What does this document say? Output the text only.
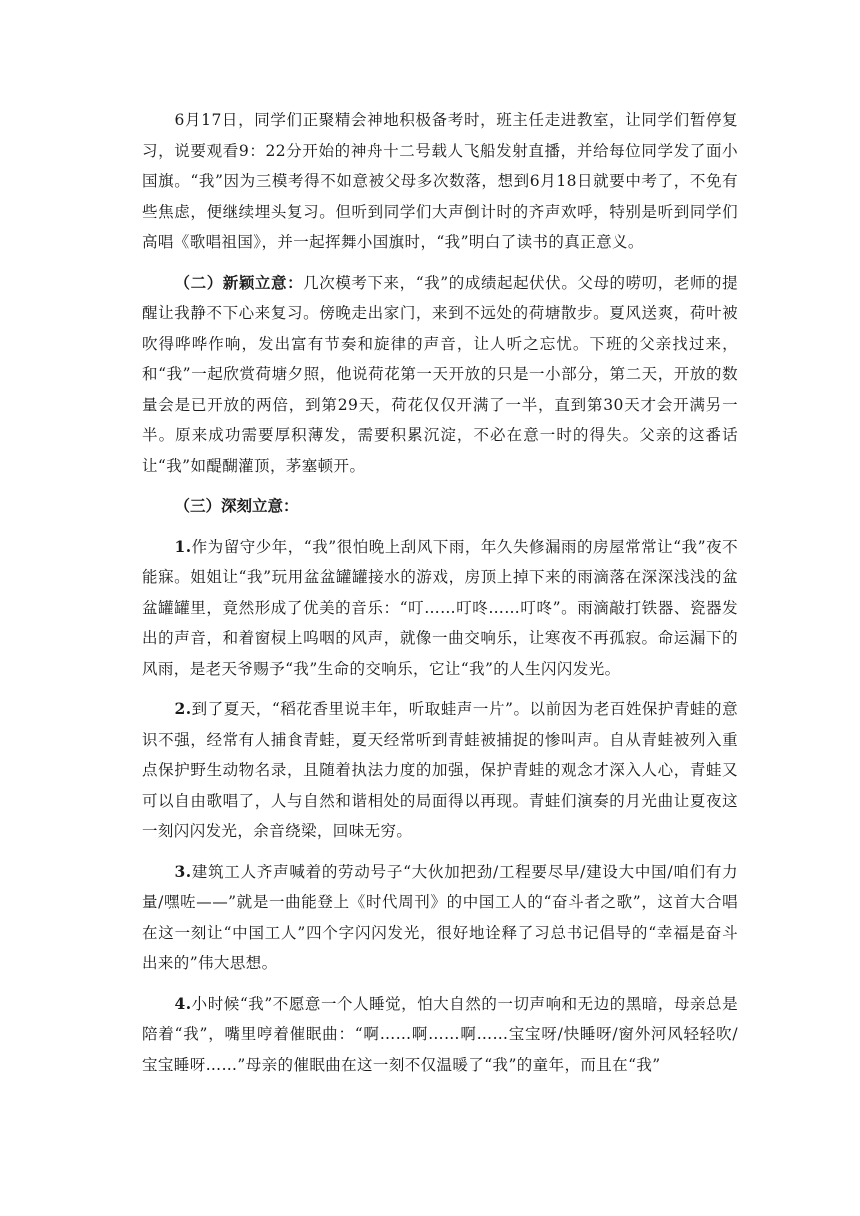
6月17日，同学们正聚精会神地积极备考时，班主任走进教室，让同学们暂停复习，说要观看9：22分开始的神舟十二号载人飞船发射直播，并给每位同学发了面小国旗。“我”因为三模考得不如意被父母多次数落，想到6月18日就要中考了，不免有些焦虑，便继续埋头复习。但听到同学们大声倒计时的齐声欢呼，特别是听到同学们高唱《歌唱祖国》，并一起挥舞小国旗时，“我”明白了读书的真正意义。

（二）新颖立意：几次模考下来，“我”的成绩起起伏伏。父母的唠叨，老师的提醒让我静不下心来复习。傍晚走出家门，来到不远处的荷塘散步。夏风送爽，荷叶被吹得哗哗作响，发出富有节奏和旋律的声音，让人听之忘忧。下班的父亲找过来，和“我”一起欣赏荷塘夕照，他说荷花第一天开放的只是一小部分，第二天，开放的数量会是已开放的两倍，到第29天，荷花仅仅开满了一半，直到第30天才会开满另一半。原来成功需要厚积薄发，需要积累沉淀，不必在意一时的得失。父亲的这番话让“我”如醍醐灌顶，茅塞顿开。

（三）深刻立意：

1.作为留守少年，“我”很怕晚上刮风下雨，年久失修漏雨的房屋常常让“我”夜不能寐。姐姐让“我”玩用盆盆罐罐接水的游戏，房顶上掉下来的雨滴落在深深浅浅的盆盆罐罐里，竟然形成了优美的音乐：“叮……叮咚……叮咚”。雨滴敲打铁器、瓷器发出的声音，和着窗棂上呜咽的风声，就像一曲交响乐，让寒夜不再孤寂。命运漏下的风雨，是老天爷赐予“我”生命的交响乐，它让“我”的人生闪闪发光。

2.到了夏天，“稻花香里说丰年，听取蛙声一片”。以前因为老百姓保护青蛙的意识不强，经常有人捕食青蛙，夏天经常听到青蛙被捕捉的惨叫声。自从青蛙被列入重点保护野生动物名录，且随着执法力度的加强，保护青蛙的观念才深入人心，青蛙又可以自由歌唱了，人与自然和谐相处的局面得以再现。青蛙们演奏的月光曲让夏夜这一刻闪闪发光，余音绕梁，回味无穷。

3.建筑工人齐声喊着的劳动号子“大伙加把劲/工程要尽早/建设大中国/咱们有力量/嘿咗——”就是一曲能登上《时代周刊》的中国工人的“奋斗者之歌”，这首大合唱在这一刻让“中国工人”四个字闪闪发光，很好地诠释了习总书记倡导的“幸福是奋斗出来的”伟大思想。

4.小时候“我”不愿意一个人睡觉，怕大自然的一切声响和无边的黑暗，母亲总是陪着“我”，嘴里哼着催眠曲：“啊……啊……啊……宝宝呀/快睡呀/窗外河风轻轻吹/宝宝睡呀……”母亲的催眠曲在这一刻不仅温暖了“我”的童年，而且在“我”
